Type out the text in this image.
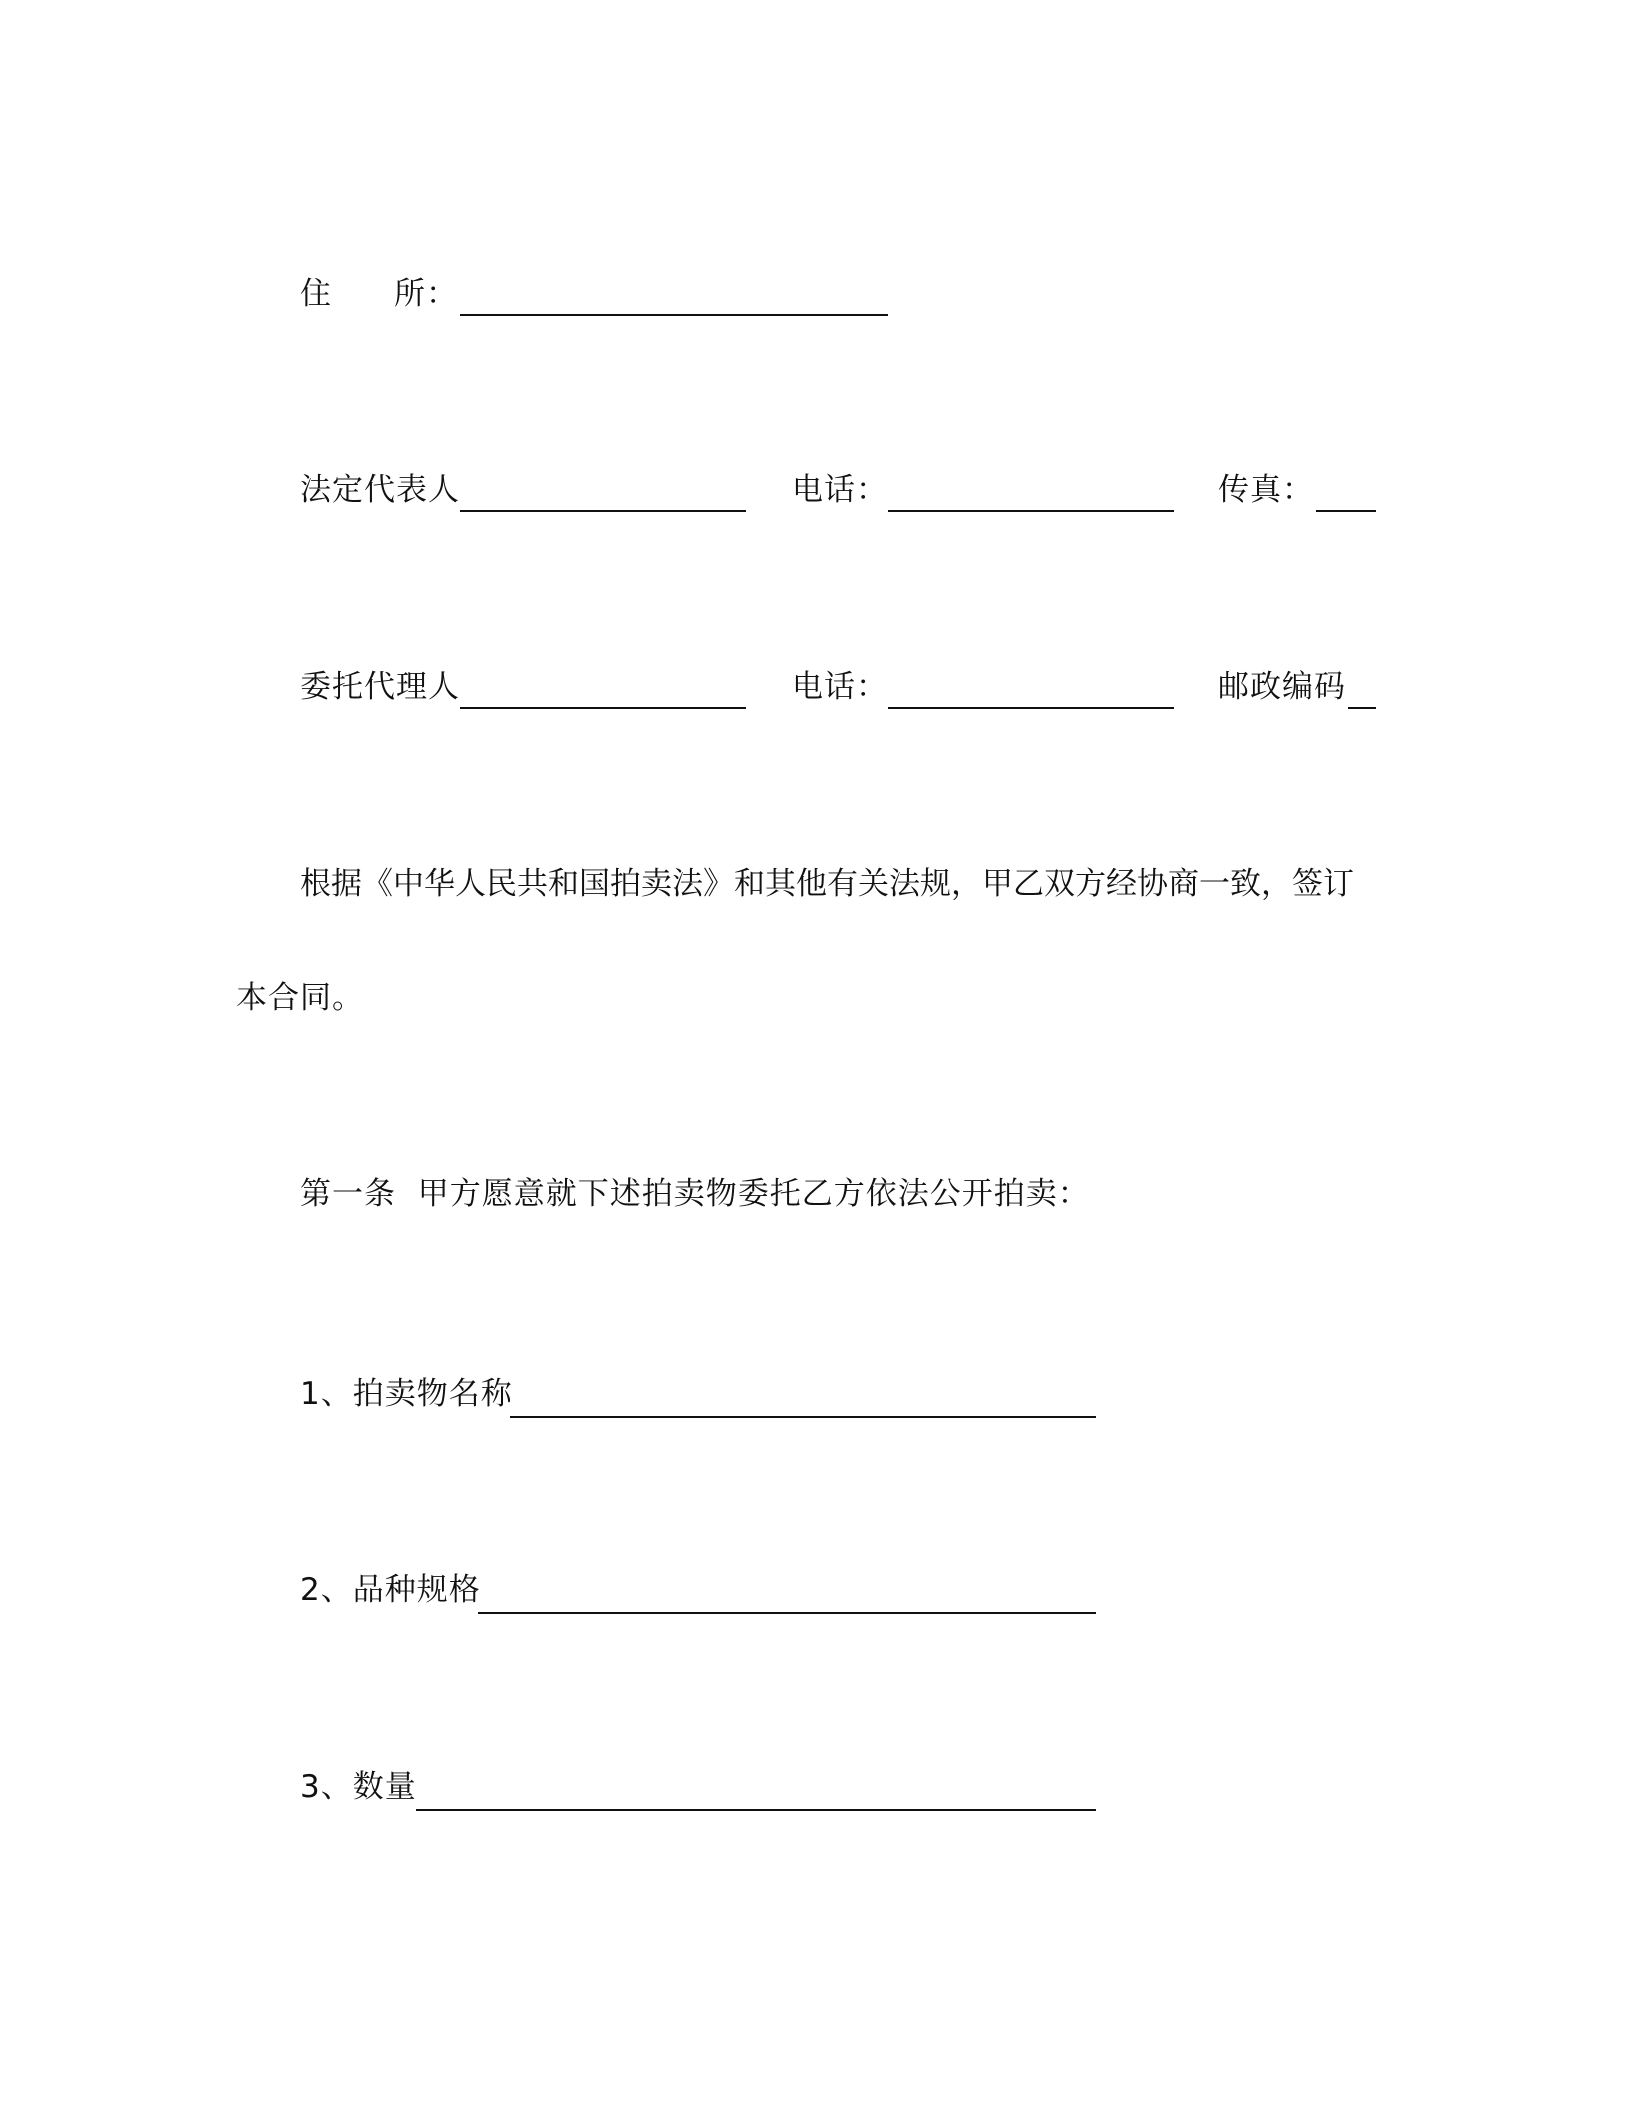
住 所：
法定代表人	电话：	传真：
委托代理人	电话：	邮政编码
根据《中华人民共和国拍卖法》和其他有关法规，甲乙双方经协商一致，签订
本合同。
第一条  甲方愿意就下述拍卖物委托乙方依法公开拍卖：
1、拍卖物名称
2、品种规格
3、数量
